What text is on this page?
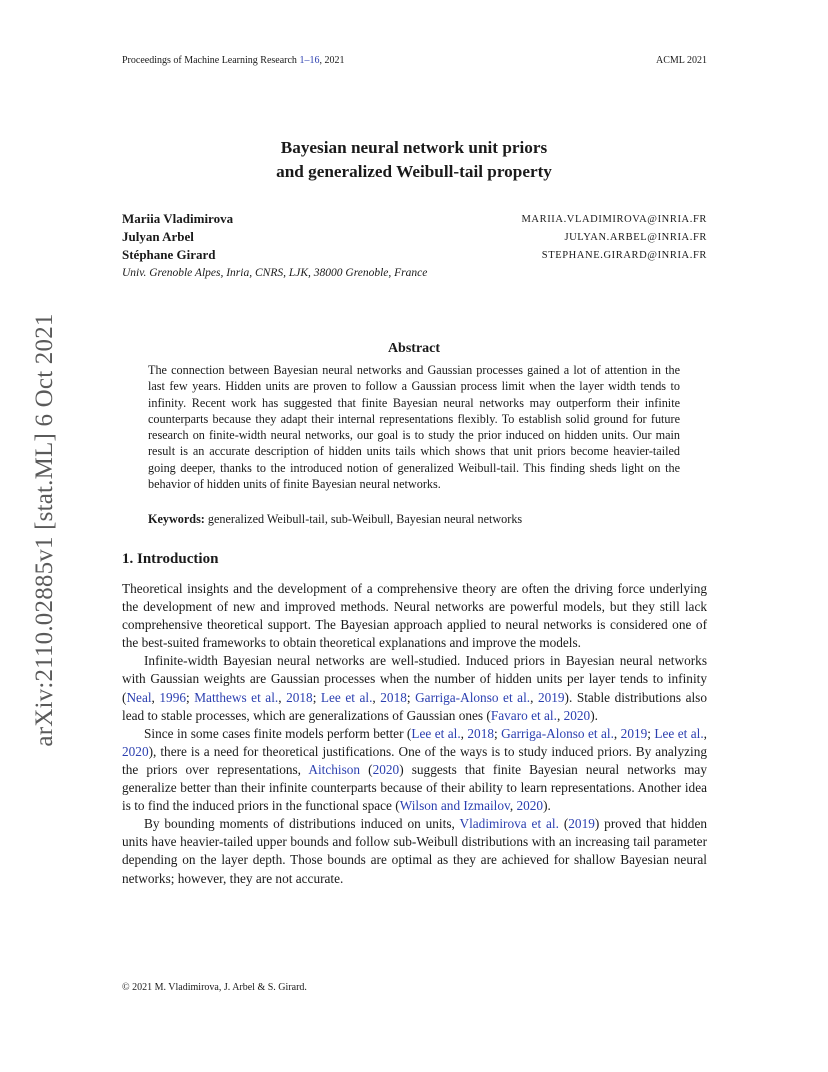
arXiv:2110.02885v1 [stat.ML] 6 Oct 2021
Proceedings of Machine Learning Research 1–16, 2021	ACML 2021
Bayesian neural network unit priors
and generalized Weibull-tail property
Mariia Vladimirova	MARIIA.VLADIMIROVA@INRIA.FR
Julyan Arbel	JULYAN.ARBEL@INRIA.FR
Stéphane Girard	STEPHANE.GIRARD@INRIA.FR
Univ. Grenoble Alpes, Inria, CNRS, LJK, 38000 Grenoble, France
Abstract
The connection between Bayesian neural networks and Gaussian processes gained a lot of attention in the last few years. Hidden units are proven to follow a Gaussian process limit when the layer width tends to infinity. Recent work has suggested that finite Bayesian neural networks may outperform their infinite counterparts because they adapt their internal representations flexibly. To establish solid ground for future research on finite-width neural networks, our goal is to study the prior induced on hidden units. Our main result is an accurate description of hidden units tails which shows that unit priors become heavier-tailed going deeper, thanks to the introduced notion of generalized Weibull-tail. This finding sheds light on the behavior of hidden units of finite Bayesian neural networks.
Keywords: generalized Weibull-tail, sub-Weibull, Bayesian neural networks
1. Introduction

Theoretical insights and the development of a comprehensive theory are often the driving force underlying the development of new and improved methods. Neural networks are powerful models, but they still lack comprehensive theoretical support. The Bayesian approach applied to neural networks is considered one of the best-suited frameworks to obtain theoretical explanations and improve the models.

Infinite-width Bayesian neural networks are well-studied. Induced priors in Bayesian neural networks with Gaussian weights are Gaussian processes when the number of hidden units per layer tends to infinity (Neal, 1996; Matthews et al., 2018; Lee et al., 2018; Garriga-Alonso et al., 2019). Stable distributions also lead to stable processes, which are generalizations of Gaussian ones (Favaro et al., 2020).

Since in some cases finite models perform better (Lee et al., 2018; Garriga-Alonso et al., 2019; Lee et al., 2020), there is a need for theoretical justifications. One of the ways is to study induced priors. By analyzing the priors over representations, Aitchison (2020) suggests that finite Bayesian neural networks may generalize better than their infinite counterparts because of their ability to learn representations. Another idea is to find the induced priors in the functional space (Wilson and Izmailov, 2020).

By bounding moments of distributions induced on units, Vladimirova et al. (2019) proved that hidden units have heavier-tailed upper bounds and follow sub-Weibull distributions with an increasing tail parameter depending on the layer depth. Those bounds are optimal as they are achieved for shallow Bayesian neural networks; however, they are not accurate.

© 2021 M. Vladimirova, J. Arbel & S. Girard.
